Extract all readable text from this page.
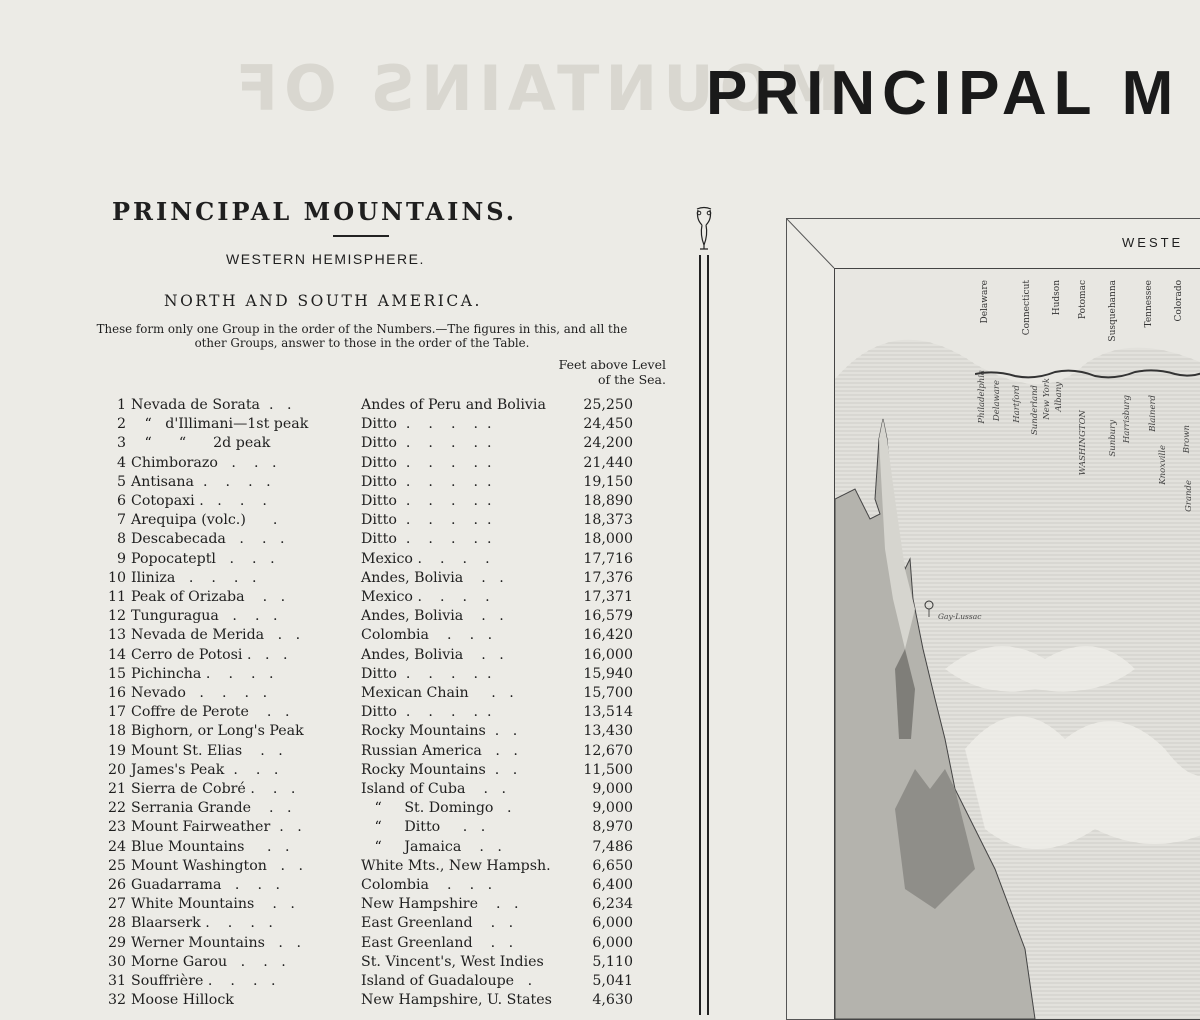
MOUNTAINS OF
PRINCIPAL M
PRINCIPAL MOUNTAINS.
WESTERN HEMISPHERE.
NORTH AND SOUTH AMERICA.
These form only one Group in the order of the Numbers.—The figures in this, and all the other Groups, answer to those in the order of the Table.
Feet above Level
of the Sea.
1	Nevada de Sorata  .   .	Andes of Peru and Bolivia	25,250
2	“   d'Illimani—1st peak	Ditto  .    .    .    .  .	24,450
3	“      “      2d peak	Ditto  .    .    .    .  .	24,200
4	Chimborazo   .    .   .	Ditto  .    .    .    .  .	21,440
5	Antisana  .    .    .   .	Ditto  .    .    .    .  .	19,150
6	Cotopaxi .   .    .    .	Ditto  .    .    .    .  .	18,890
7	Arequipa (volc.)      .	Ditto  .    .    .    .  .	18,373
8	Descabecada   .    .   .	Ditto  .    .    .    .  .	18,000
9	Popocateptl   .    .   .	Mexico .    .    .    .	17,716
10	Iliniza   .    .    .   .	Andes, Bolivia    .   .	17,376
11	Peak of Orizaba    .   .	Mexico .    .    .    .	17,371
12	Tunguragua   .    .   .	Andes, Bolivia    .   .	16,579
13	Nevada de Merida   .   .	Colombia    .    .   .	16,420
14	Cerro de Potosi .   .   .	Andes, Bolivia    .   .	16,000
15	Pichincha .    .    .   .	Ditto  .    .    .    .  .	15,940
16	Nevado   .    .    .   .	Mexican Chain     .   .	15,700
17	Coffre de Perote    .   .	Ditto  .    .    .    .  .	13,514
18	Bighorn, or Long's Peak	Rocky Mountains  .   .	13,430
19	Mount St. Elias    .   .	Russian America   .   .	12,670
20	James's Peak  .    .   .	Rocky Mountains  .   .	11,500
21	Sierra de Cobré .    .   .	Island of Cuba    .   .	9,000
22	Serrania Grande    .   .	“     St. Domingo   .	9,000
23	Mount Fairweather  .   .	“     Ditto     .   .	8,970
24	Blue Mountains     .   .	“     Jamaica    .   .	7,486
25	Mount Washington   .   .	White Mts., New Hampsh.	6,650
26	Guadarrama   .    .   .	Colombia    .    .   .	6,400
27	White Mountains    .   .	New Hampshire    .   .	6,234
28	Blaarserk .    .    .   .	East Greenland    .   .	6,000
29	Werner Mountains   .   .	East Greenland    .   .	6,000
30	Morne Garou   .    .   .	St. Vincent's, West Indies	5,110
31	Souffrière .    .    .   .	Island of Guadaloupe   .	5,041
32	Moose Hillock	New Hampshire, U. States	4,630
WESTE
Delaware	Connecticut	Hudson	Potomac	Susquehanna	Tennessee	Colorado
Philadelphia Delaware Hartford Sunderland New York Albany
WASHINGTON Sunbury Harrisburg Blainerd
Knoxville
Brown
Grande
Gay-Lussac
